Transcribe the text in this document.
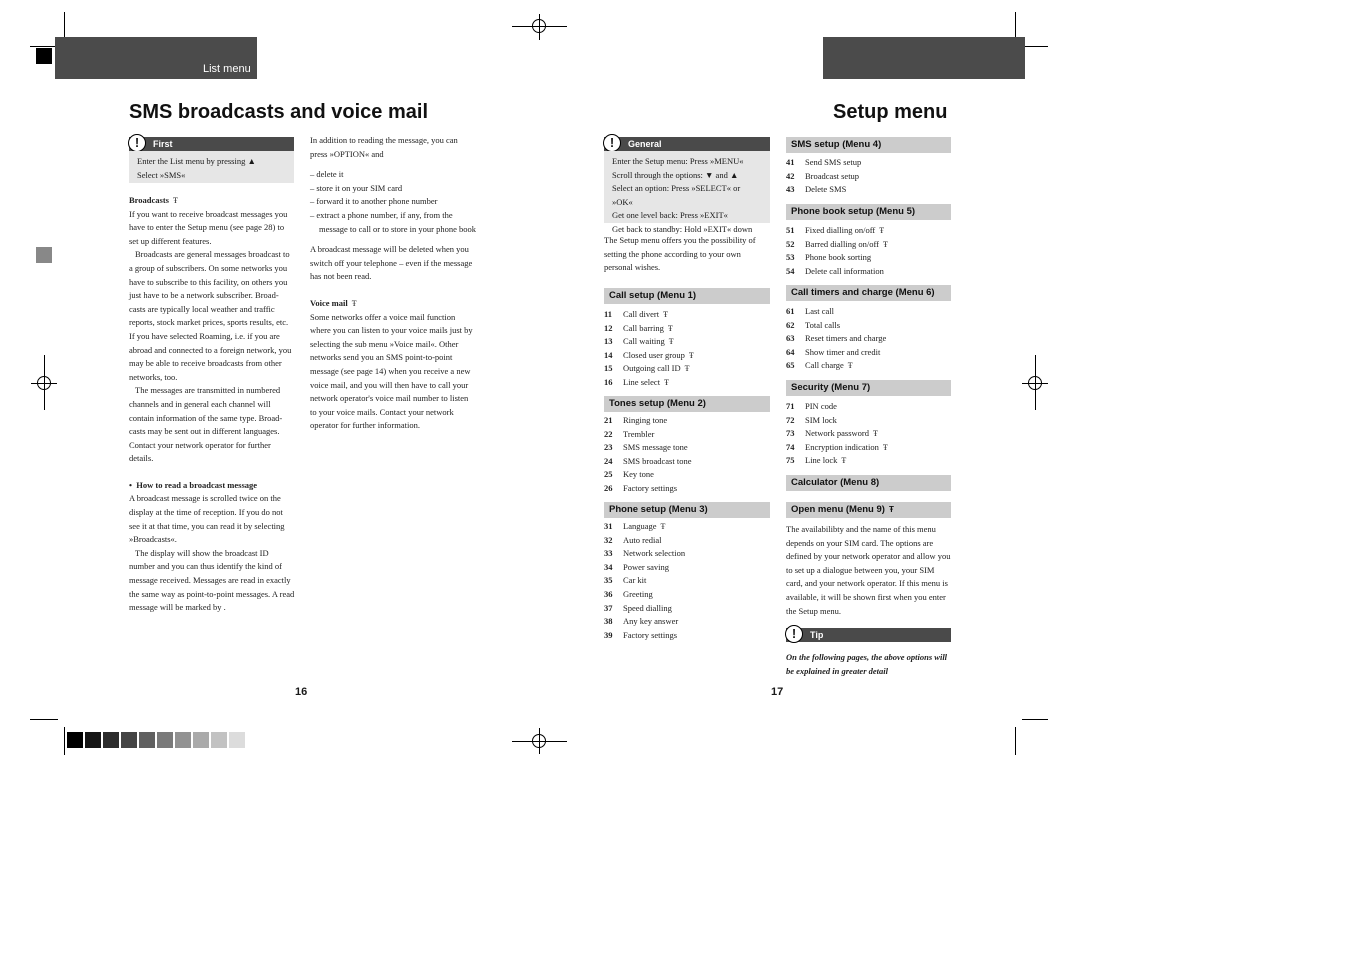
List menu
SMS broadcasts and voice mail
First
!
Enter the List menu by pressing ▲
Select »SMS«

Broadcasts Ŧ

If you want to receive broadcast messages you have to enter the Setup menu (see page 28) to set up different features.

Broadcasts are general messages broadcast to a group of subscribers. On some networks you have to subscribe to this facility, on others you just have to be a network subscriber. Broad-casts are typically local weather and traffic reports, stock market prices, sports results, etc. If you have selected Roaming, i.e. if you are abroad and connected to a foreign network, you may be able to receive broadcasts from other networks, too.

The messages are transmitted in numbered channels and in general each channel will contain information of the same type. Broad-casts may be sent out in different languages. Contact your network operator for further details.

•  How to read a broadcast message

A broadcast message is scrolled twice on the display at the time of reception. If you do not see it at that time, you can read it by selecting »Broadcasts«.

The display will show the broadcast ID number and you can thus identify the kind of message received. Messages are read in exactly the same way as point-to-point messages. A read message will be marked by .

In addition to reading the message, you can press »OPTION« and

– delete it
– store it on your SIM card
– forward it to another phone number
– extract a phone number, if any, from the message to call or to store in your phone book

A broadcast message will be deleted when you switch off your telephone – even if the message has not been read.

Voice mail Ŧ

Some networks offer a voice mail function where you can listen to your voice mails just by selecting the sub menu »Voice mail«. Other networks send you an SMS point-to-point message (see page 14) when you receive a new voice mail, and you will then have to call your network operator's voice mail number to listen to your voice mails. Contact your network operator for further information.

16
Setup menu
General
!
Enter the Setup menu: Press »MENU«
Scroll through the options: ▼ and ▲
Select an option: Press »SELECT« or »OK«
Get one level back: Press »EXIT«
Get back to standby: Hold »EXIT« down
The Setup menu offers you the possibility of setting the phone according to your own personal wishes.
Call setup (Menu 1)
11	Call divert Ŧ
12	Call barring Ŧ
13	Call waiting Ŧ
14	Closed user group Ŧ
15	Outgoing call ID Ŧ
16	Line select Ŧ
Tones setup (Menu 2)
21	Ringing tone
22	Trembler
23	SMS message tone
24	SMS broadcast tone
25	Key tone
26	Factory settings
Phone setup (Menu 3)
31	Language Ŧ
32	Auto redial
33	Network selection
34	Power saving
35	Car kit
36	Greeting
37	Speed dialling
38	Any key answer
39	Factory settings
SMS setup (Menu 4)
41	Send SMS setup
42	Broadcast setup
43	Delete SMS
Phone book setup (Menu 5)
51	Fixed dialling on/off Ŧ
52	Barred dialling on/off Ŧ
53	Phone book sorting
54	Delete call information
Call timers and charge (Menu 6)
61	Last call
62	Total calls
63	Reset timers and charge
64	Show timer and credit
65	Call charge Ŧ
Security (Menu 7)
71	PIN code
72	SIM lock
73	Network password Ŧ
74	Encryption indication Ŧ
75	Line lock Ŧ
Calculator (Menu 8)
Open menu (Menu 9) Ŧ
The availabilibty and the name of this menu depends on your SIM card. The options are defined by your network operator and allow you to set up a dialogue between you, your SIM card, and your network operator. If this menu is available, it will be shown first when you enter the Setup menu.
Tip
!
On the following pages, the above options will be explained in greater detail
17
